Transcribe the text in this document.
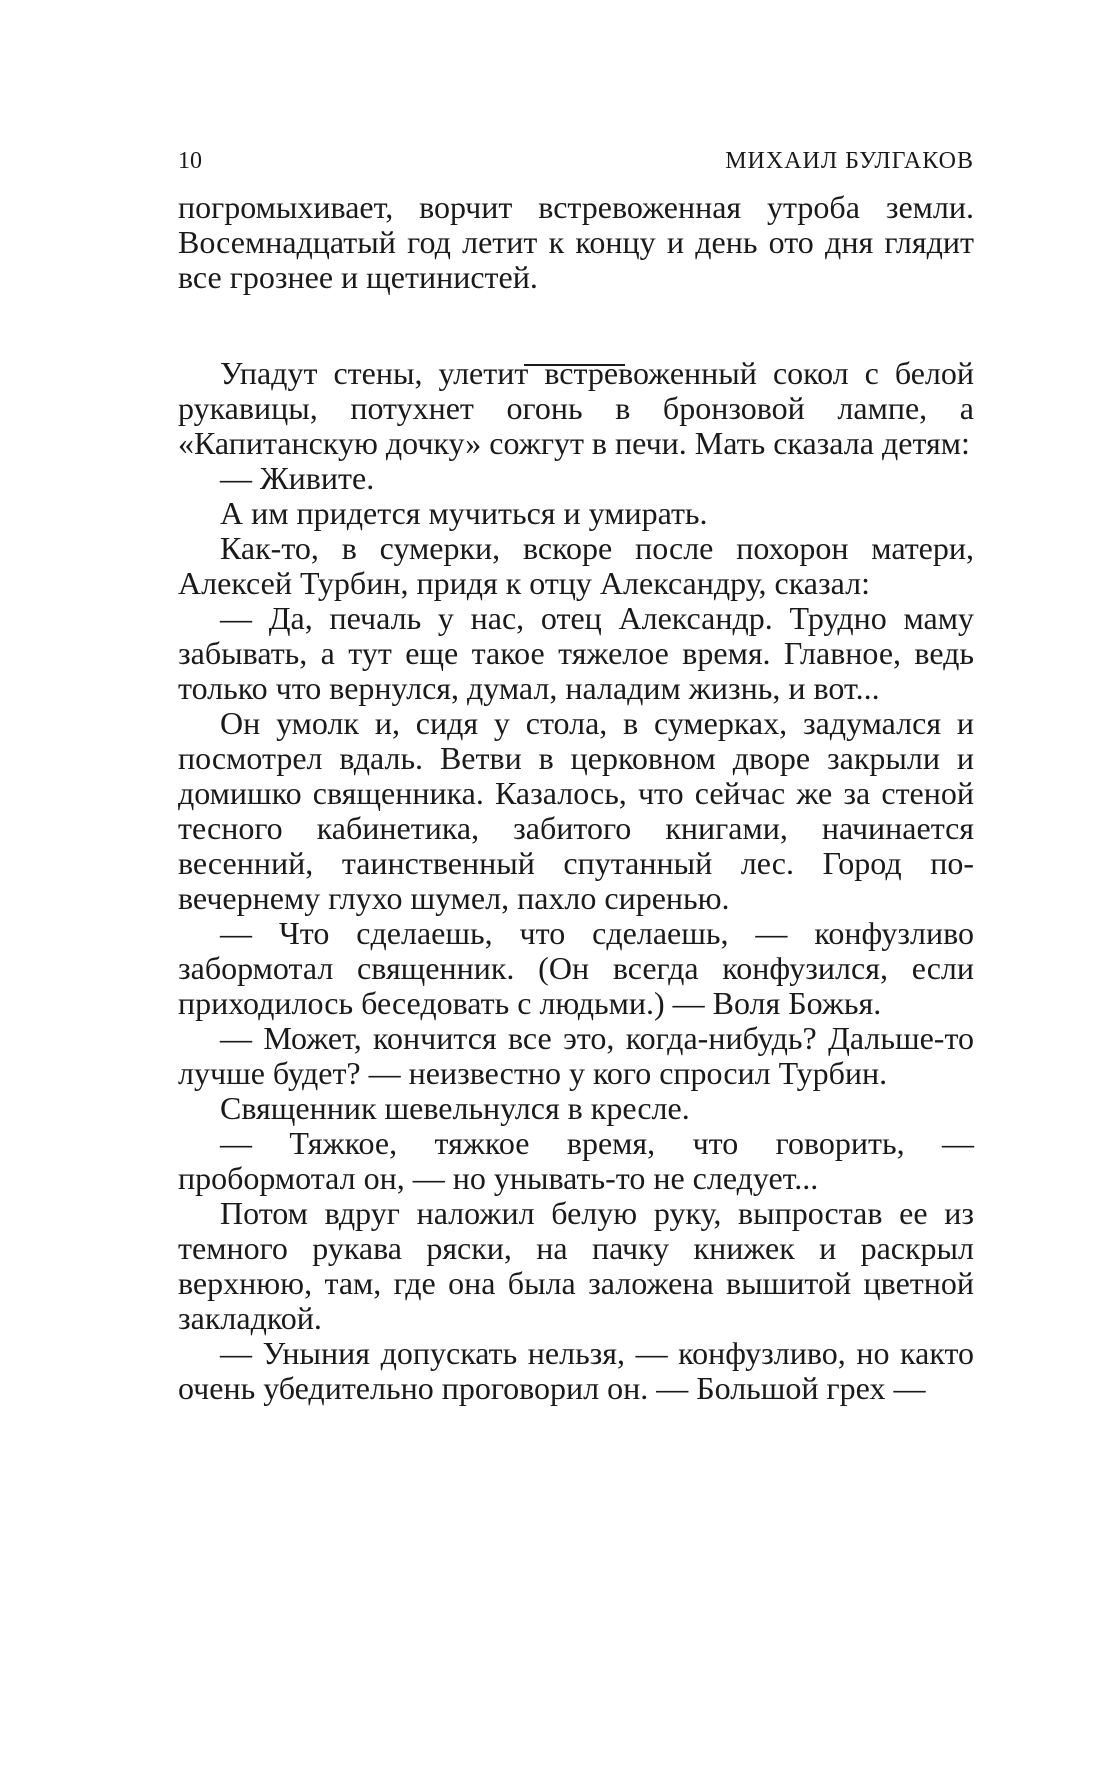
10	МИХАИЛ БУЛГАКОВ

погромыхивает, ворчит встревоженная утроба земли. Восемнадцатый год летит к концу и день ото дня глядит все грознее и щетинистей.

Упадут стены, улетит встревоженный сокол с белой рукавицы, потухнет огонь в бронзовой лампе, а «Капитанскую дочку» сожгут в печи. Мать сказала детям:

— Живите.

А им придется мучиться и умирать.

Как-то, в сумерки, вскоре после похорон матери, Алексей Турбин, придя к отцу Александру, сказал:

— Да, печаль у нас, отец Александр. Трудно маму забывать, а тут еще такое тяжелое время. Главное, ведь только что вернулся, думал, наладим жизнь, и вот...

Он умолк и, сидя у стола, в сумерках, задумался и посмотрел вдаль. Ветви в церковном дворе закрыли и домишко священника. Казалось, что сейчас же за стеной тесного кабинетика, забитого книгами, начинается весенний, таинственный спутанный лес. Город по-вечернему глухо шумел, пахло сиренью.

— Что сделаешь, что сделаешь, — конфузливо забормотал священник. (Он всегда конфузился, если приходилось беседовать с людьми.) — Воля Божья.

— Может, кончится все это, когда-нибудь? Дальше-то лучше будет? — неизвестно у кого спросил Турбин.

Священник шевельнулся в кресле.

— Тяжкое, тяжкое время, что говорить, — пробормотал он, — но унывать-то не следует...

Потом вдруг наложил белую руку, выпростав ее из темного рукава ряски, на пачку книжек и раскрыл верхнюю, там, где она была заложена вышитой цветной закладкой.

— Уныния допускать нельзя, — конфузливо, но както очень убедительно проговорил он. — Большой грех —
